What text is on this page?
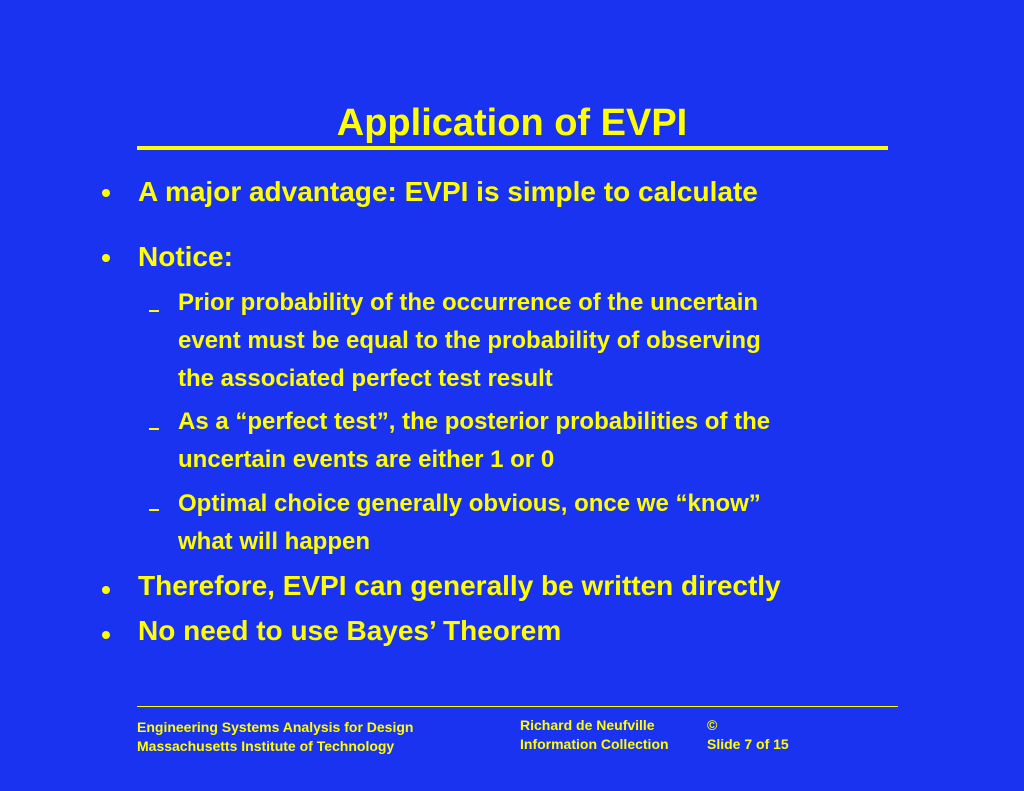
Application of EVPI
A major advantage: EVPI is simple to calculate
Notice:
Prior probability of the occurrence of the uncertain
event must be equal to the probability of observing
the associated perfect test result
As a “perfect test”, the posterior probabilities of the
uncertain events are either 1 or 0
Optimal choice generally obvious, once we “know”
what will happen
Therefore, EVPI can generally be written directly
No need to use Bayes’ Theorem
Engineering Systems Analysis for Design
Massachusetts Institute of Technology
Richard de Neufville	©
Information Collection	Slide 7 of 15
